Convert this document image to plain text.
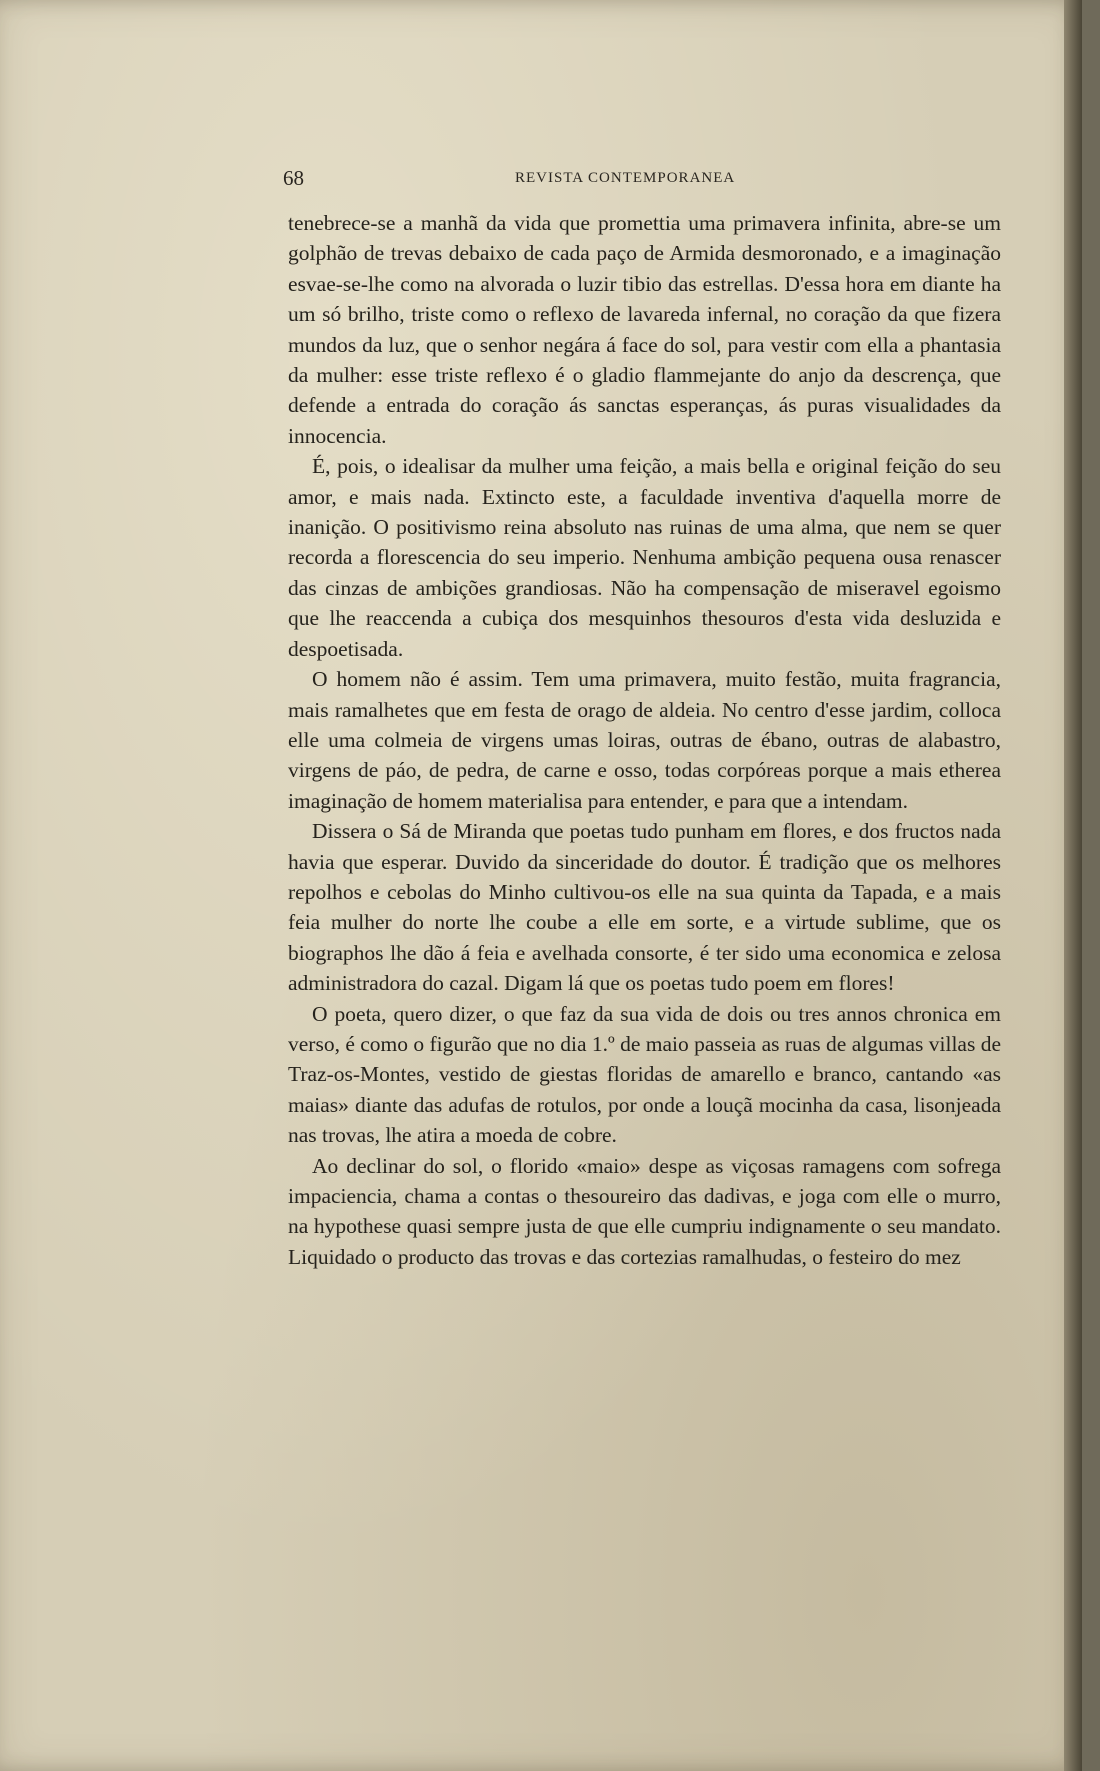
68	REVISTA CONTEMPORANEA

tenebrece-se a manhã da vida que promettia uma primavera infinita, abre-se um golphão de trevas debaixo de cada paço de Armida desmoronado, e a imaginação esvae-se-lhe como na alvorada o luzir tibio das estrellas. D'essa hora em diante ha um só brilho, triste como o reflexo de lavareda infernal, no coração da que fizera mundos da luz, que o senhor negára á face do sol, para vestir com ella a phantasia da mulher: esse triste reflexo é o gladio flammejante do anjo da descrença, que defende a entrada do coração ás sanctas esperanças, ás puras visualidades da innocencia.

É, pois, o idealisar da mulher uma feição, a mais bella e original feição do seu amor, e mais nada. Extincto este, a faculdade inventiva d'aquella morre de inanição. O positivismo reina absoluto nas ruinas de uma alma, que nem se quer recorda a florescencia do seu imperio. Nenhuma ambição pequena ousa renascer das cinzas de ambições grandiosas. Não ha compensação de miseravel egoismo que lhe reaccenda a cubiça dos mesquinhos thesouros d'esta vida desluzida e despoetisada.

O homem não é assim. Tem uma primavera, muito festão, muita fragrancia, mais ramalhetes que em festa de orago de aldeia. No centro d'esse jardim, colloca elle uma colmeia de virgens umas loiras, outras de ébano, outras de alabastro, virgens de páo, de pedra, de carne e osso, todas corpóreas porque a mais etherea imaginação de homem materialisa para entender, e para que a intendam.

Dissera o Sá de Miranda que poetas tudo punham em flores, e dos fructos nada havia que esperar. Duvido da sinceridade do doutor. É tradição que os melhores repolhos e cebolas do Minho cultivou-os elle na sua quinta da Tapada, e a mais feia mulher do norte lhe coube a elle em sorte, e a virtude sublime, que os biographos lhe dão á feia e avelhada consorte, é ter sido uma economica e zelosa administradora do cazal. Digam lá que os poetas tudo poem em flores!

O poeta, quero dizer, o que faz da sua vida de dois ou tres annos chronica em verso, é como o figurão que no dia 1.º de maio passeia as ruas de algumas villas de Traz-os-Montes, vestido de giestas floridas de amarello e branco, cantando «as maias» diante das adufas de rotulos, por onde a louçã mocinha da casa, lisonjeada nas trovas, lhe atira a moeda de cobre.

Ao declinar do sol, o florido «maio» despe as viçosas ramagens com sofrega impaciencia, chama a contas o thesoureiro das dadivas, e joga com elle o murro, na hypothese quasi sempre justa de que elle cumpriu indignamente o seu mandato. Liquidado o producto das trovas e das cortezias ramalhudas, o festeiro do mez
